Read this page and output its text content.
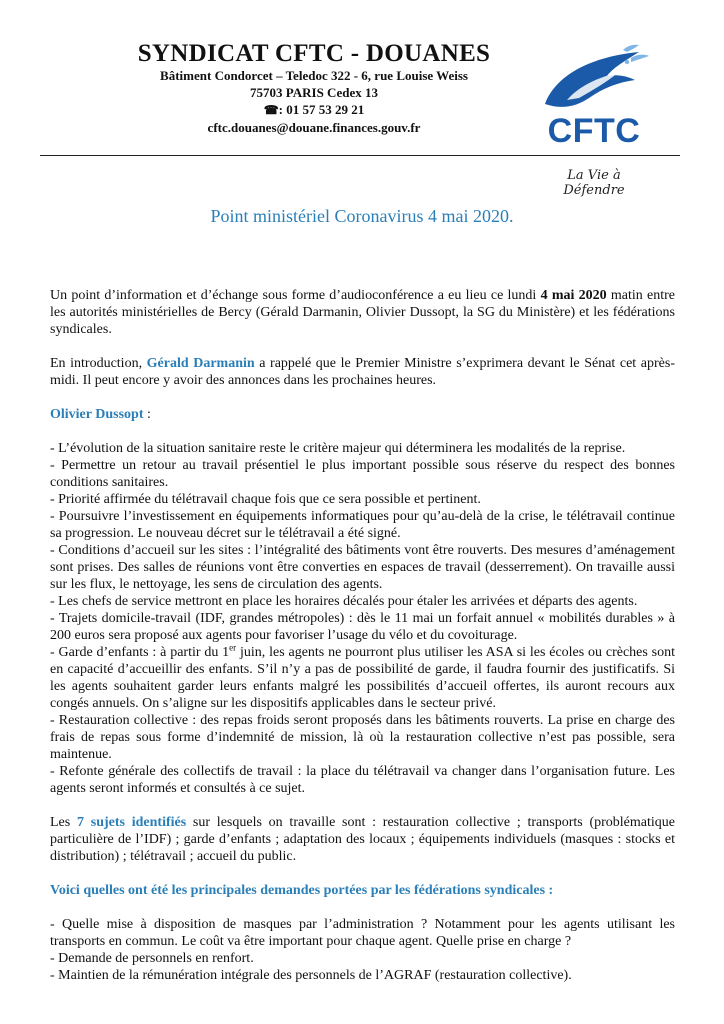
SYNDICAT CFTC - DOUANES
Bâtiment Condorcet – Teledoc 322 - 6, rue Louise Weiss
75703 PARIS Cedex 13
☎: 01 57 53 29 21
cftc.douanes@douane.finances.gouv.fr	CFTC
La Vie à Défendre
Point ministériel Coronavirus 4 mai 2020.

Un point d’information et d’échange sous forme d’audioconférence a eu lieu ce lundi 4 mai 2020 matin entre les autorités ministérielles de Bercy (Gérald Darmanin, Olivier Dussopt, la SG du Ministère) et les fédérations syndicales.

En introduction, Gérald Darmanin a rappelé que le Premier Ministre s’exprimera devant le Sénat cet après-midi. Il peut encore y avoir des annonces dans les prochaines heures.

Olivier Dussopt :

- L’évolution de la situation sanitaire reste le critère majeur qui déterminera les modalités de la reprise.

- Permettre un retour au travail présentiel le plus important possible sous réserve du respect des bonnes conditions sanitaires.

- Priorité affirmée du télétravail chaque fois que ce sera possible et pertinent.

- Poursuivre l’investissement en équipements informatiques pour qu’au-delà de la crise, le télétravail continue sa progression. Le nouveau décret sur le télétravail a été signé.

- Conditions d’accueil sur les sites : l’intégralité des bâtiments vont être rouverts. Des mesures d’aménagement sont prises. Des salles de réunions vont être converties en espaces de travail (desserrement). On travaille aussi sur les flux, le nettoyage, les sens de circulation des agents.

- Les chefs de service mettront en place les horaires décalés pour étaler les arrivées et départs des agents.

- Trajets domicile-travail (IDF, grandes métropoles) : dès le 11 mai un forfait annuel « mobilités durables » à 200 euros sera proposé aux agents pour favoriser l’usage du vélo et du covoiturage.

- Garde d’enfants : à partir du 1er juin, les agents ne pourront plus utiliser les ASA si les écoles ou crèches sont en capacité d’accueillir des enfants. S’il n’y a pas de possibilité de garde, il faudra fournir des justificatifs. Si les agents souhaitent garder leurs enfants malgré les possibilités d’accueil offertes, ils auront recours aux congés annuels. On s’aligne sur les dispositifs applicables dans le secteur privé.

- Restauration collective : des repas froids seront proposés dans les bâtiments rouverts. La prise en charge des frais de repas sous forme d’indemnité de mission, là où la restauration collective n’est pas possible, sera maintenue.

- Refonte générale des collectifs de travail : la place du télétravail va changer dans l’organisation future. Les agents seront informés et consultés à ce sujet.

Les 7 sujets identifiés sur lesquels on travaille sont : restauration collective ; transports (problématique particulière de l’IDF) ; garde d’enfants ; adaptation des locaux ; équipements individuels (masques : stocks et distribution) ; télétravail ; accueil du public.

Voici quelles ont été les principales demandes portées par les fédérations syndicales :

- Quelle mise à disposition de masques par l’administration ? Notamment pour les agents utilisant les transports en commun. Le coût va être important pour chaque agent. Quelle prise en charge ?

- Demande de personnels en renfort.

- Maintien de la rémunération intégrale des personnels de l’AGRAF (restauration collective).
